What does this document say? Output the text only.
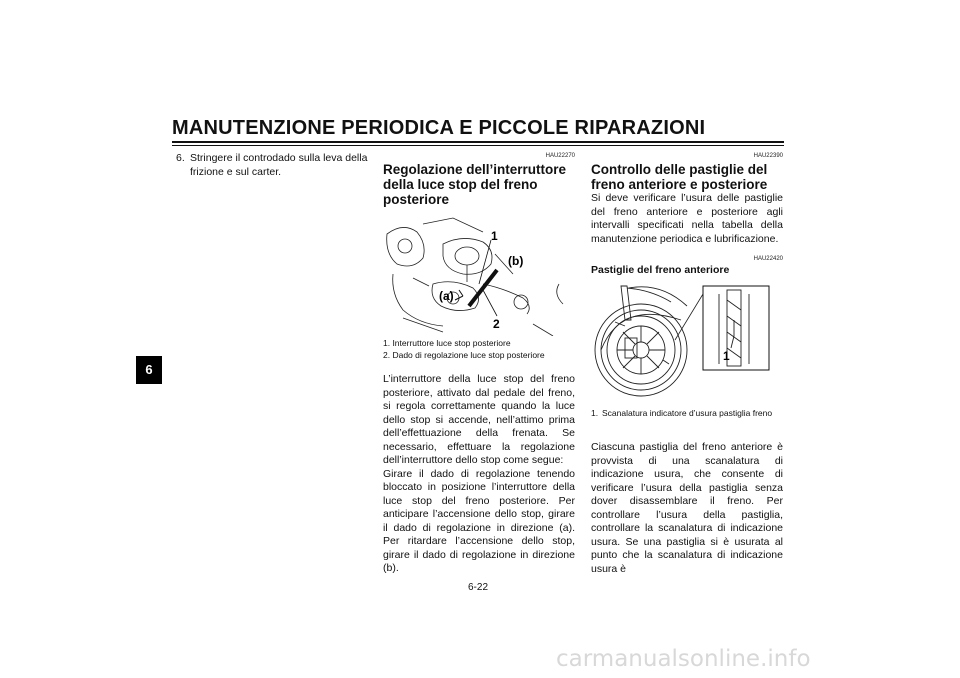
MANUTENZIONE PERIODICA E PICCOLE RIPARAZIONI
6
6. Stringere il controdado sulla leva della frizione e sul carter.
HAU22270
Regolazione dell’interruttore della luce stop del freno posteriore
1
(b)
(a)
2
1. Interruttore luce stop posteriore
2. Dado di regolazione luce stop posteriore
L’interruttore della luce stop del freno posteriore, attivato dal pedale del freno, si regola correttamente quando la luce dello stop si accende, nell’attimo prima dell’effettuazione della frenata. Se necessario, effettuare la regolazione dell’interruttore dello stop come segue:
Girare il dado di regolazione tenendo bloccato in posizione l’interruttore della luce stop del freno posteriore. Per anticipare l’accensione dello stop, girare il dado di regolazione in direzione (a). Per ritardare l’accensione dello stop, girare il dado di regolazione in direzione (b).
HAU22390
Controllo delle pastiglie del freno anteriore e posteriore
Si deve verificare l’usura delle pastiglie del freno anteriore e posteriore agli intervalli specificati nella tabella della manutenzione periodica e lubrificazione.
HAU22420
Pastiglie del freno anteriore
1
1. Scanalatura indicatore d’usura pastiglia freno
Ciascuna pastiglia del freno anteriore è provvista di una scanalatura di indicazione usura, che consente di verificare l’usura della pastiglia senza dover disassemblare il freno. Per controllare l’usura della pastiglia, controllare la scanalatura di indicazione usura. Se una pastiglia si è usurata al punto che la scanalatura di indicazione usura è
6-22
carmanualsonline.info
